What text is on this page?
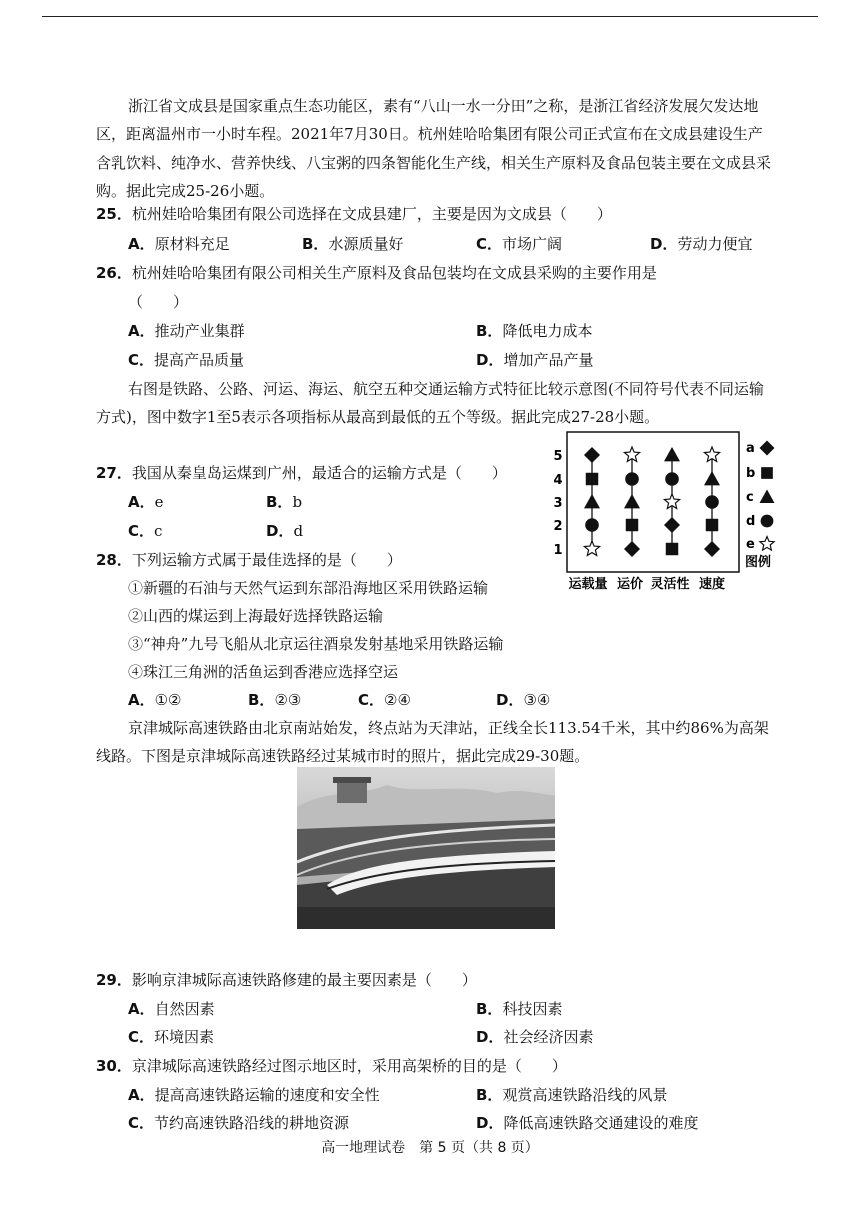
浙江省文成县是国家重点生态功能区，素有“八山一水一分田”之称，是浙江省经济发展欠发达地区，距离温州市一小时车程。2021年7月30日。杭州娃哈哈集团有限公司正式宣布在文成县建设生产含乳饮料、纯净水、营养快线、八宝粥的四条智能化生产线，相关生产原料及食品包装主要在文成县采购。据此完成25-26小题。
25．杭州娃哈哈集团有限公司选择在文成县建厂，主要是因为文成县（　　）
A．原材料充足	B．水源质量好	C．市场广阔	D．劳动力便宜
26．杭州娃哈哈集团有限公司相关生产原料及食品包装均在文成县采购的主要作用是
（　　）
A．推动产业集群	B．降低电力成本
C．提高产品质量	D．增加产品产量
右图是铁路、公路、河运、海运、航空五种交通运输方式特征比较示意图(不同符号代表不同运输方式)，图中数字1至5表示各项指标从最高到最低的五个等级。据此完成27-28小题。
27．我国从秦皇岛运煤到广州，最适合的运输方式是（　　）
A．e	B．b
C．c	D．d
28．下列运输方式属于最佳选择的是（　　）
①新疆的石油与天然气运到东部沿海地区采用铁路运输
②山西的煤运到上海最好选择铁路运输
③“神舟”九号飞船从北京运往酒泉发射基地采用铁路运输
④珠江三角洲的活鱼运到香港应选择空运
A．①②	B．②③	C．②④	D．③④
5
4
3
2
1
运载量 运价 灵活性 速度
a
b
c
d
e
图例
京津城际高速铁路由北京南站始发，终点站为天津站，正线全长113.54千米，其中约86%为高架线路。下图是京津城际高速铁路经过某城市时的照片，据此完成29-30题。
29．影响京津城际高速铁路修建的最主要因素是（　　）
A．自然因素	B．科技因素
C．环境因素	D．社会经济因素
30．京津城际高速铁路经过图示地区时，采用高架桥的目的是（　　）
A．提高高速铁路运输的速度和安全性	B．观赏高速铁路沿线的风景
C．节约高速铁路沿线的耕地资源	D．降低高速铁路交通建设的难度
高一地理试卷　第 5 页（共 8 页）
